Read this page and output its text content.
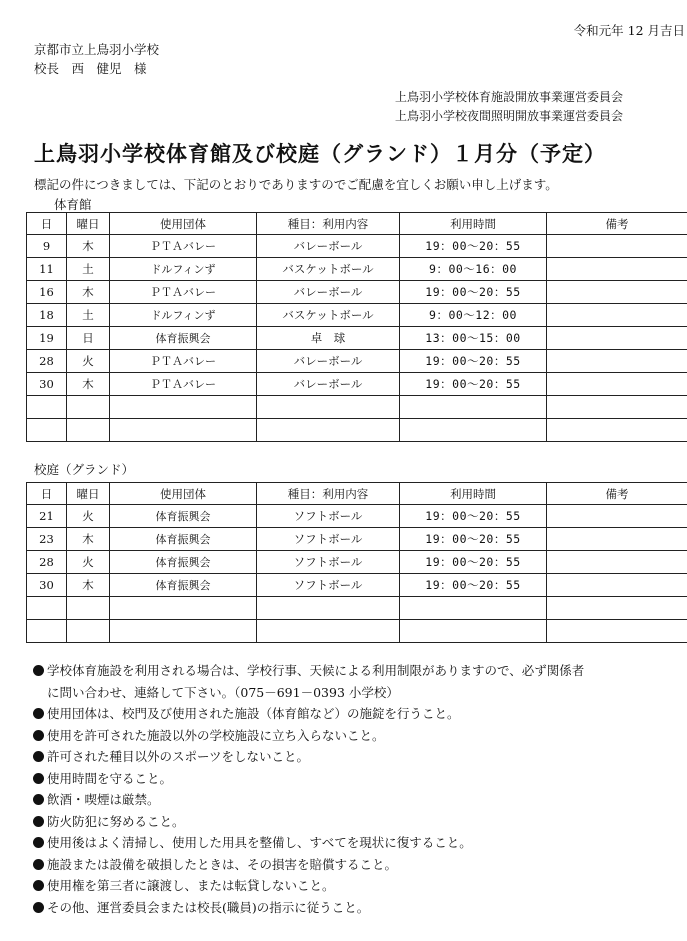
令和元年 12 月吉日
京都市立上鳥羽小学校
校長　西　健児　様
上鳥羽小学校体育施設開放事業運営委員会
上鳥羽小学校夜間照明開放事業運営委員会
上鳥羽小学校体育館及び校庭（グランド）１月分（予定）
標記の件につきましては、下記のとおりでありますのでご配慮を宜しくお願い申し上げます。
体育館
日	曜日	使用団体	種目：利用内容	利用時間	備考
9	木	ＰＴＡバレー	バレーボール	19：00～20：55	
11	土	ドルフィンず	バスケットボール	9：00～16：00	
16	木	ＰＴＡバレー	バレーボール	19：00～20：55	
18	土	ドルフィンず	バスケットボール	9：00～12：00	
19	日	体育振興会	卓　球	13：00～15：00	
28	火	ＰＴＡバレー	バレーボール	19：00～20：55	
30	木	ＰＴＡバレー	バレーボール	19：00～20：55	

校庭（グランド）
日	曜日	使用団体	種目：利用内容	利用時間	備考
21	火	体育振興会	ソフトボール	19：00～20：55	
23	木	体育振興会	ソフトボール	19：00～20：55	
28	火	体育振興会	ソフトボール	19：00～20：55	
30	木	体育振興会	ソフトボール	19：00～20：55	

学校体育施設を利用される場合は、学校行事、天候による利用制限がありますので、必ず関係者
に問い合わせ、連絡して下さい。（075－691－0393 小学校）
使用団体は、校門及び使用された施設（体育館など）の施錠を行うこと。
使用を許可された施設以外の学校施設に立ち入らないこと。
許可された種目以外のスポーツをしないこと。
使用時間を守ること。
飲酒・喫煙は厳禁。
防火防犯に努めること。
使用後はよく清掃し、使用した用具を整備し、すべてを現状に復すること。
施設または設備を破損したときは、その損害を賠償すること。
使用権を第三者に譲渡し、または転貸しないこと。
その他、運営委員会または校長(職員)の指示に従うこと。
